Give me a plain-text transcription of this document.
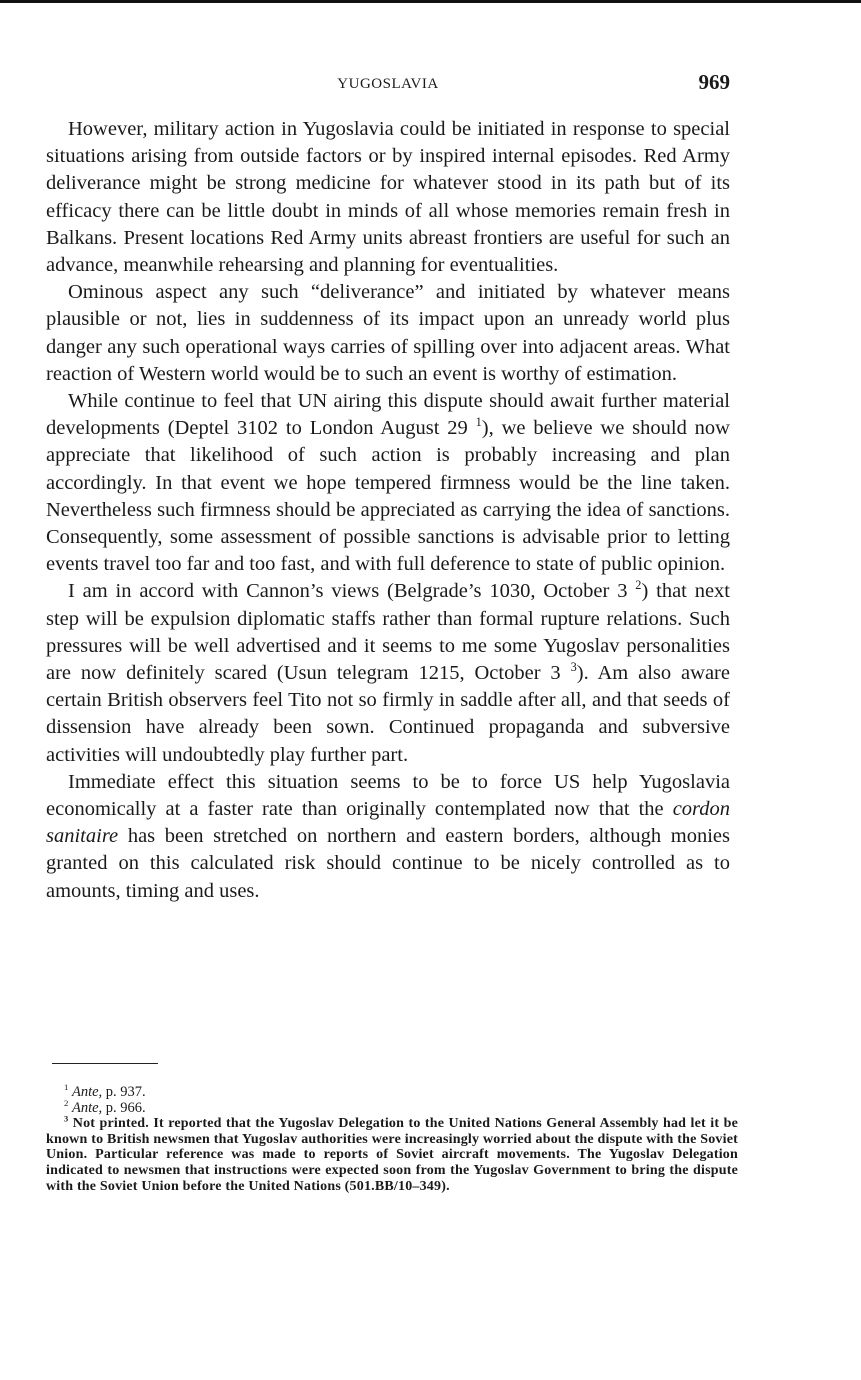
YUGOSLAVIA	969

However, military action in Yugoslavia could be initiated in response to special situations arising from outside factors or by inspired internal episodes. Red Army deliverance might be strong medicine for whatever stood in its path but of its efficacy there can be little doubt in minds of all whose memories remain fresh in Balkans. Present locations Red Army units abreast frontiers are useful for such an advance, meanwhile rehearsing and planning for eventualities.

Ominous aspect any such “deliverance” and initiated by whatever means plausible or not, lies in suddenness of its impact upon an unready world plus danger any such operational ways carries of spilling over into adjacent areas. What reaction of Western world would be to such an event is worthy of estimation.

While continue to feel that UN airing this dispute should await further material developments (Deptel 3102 to London August 29 $^1$), we believe we should now appreciate that likelihood of such action is probably increasing and plan accordingly. In that event we hope tempered firmness would be the line taken. Nevertheless such firmness should be appreciated as carrying the idea of sanctions. Consequently, some assessment of possible sanctions is advisable prior to letting events travel too far and too fast, and with full deference to state of public opinion.

I am in accord with Cannon’s views (Belgrade’s 1030, October 3 $^2$) that next step will be expulsion diplomatic staffs rather than formal rupture relations. Such pressures will be well advertised and it seems to me some Yugoslav personalities are now definitely scared (Usun telegram 1215, October 3 $^3$). Am also aware certain British observers feel Tito not so firmly in saddle after all, and that seeds of dissension have already been sown. Continued propaganda and subversive activities will undoubtedly play further part.

Immediate effect this situation seems to be to force US help Yugoslavia economically at a faster rate than originally contemplated now that the cordon sanitaire has been stretched on northern and eastern borders, although monies granted on this calculated risk should continue to be nicely controlled as to amounts, timing and uses.

$^1$ Ante, p. 937.

$^2$ Ante, p. 966.

$^3$ Not printed. It reported that the Yugoslav Delegation to the United Nations General Assembly had let it be known to British newsmen that Yugoslav authorities were increasingly worried about the dispute with the Soviet Union. Particular reference was made to reports of Soviet aircraft movements. The Yugoslav Delegation indicated to newsmen that instructions were expected soon from the Yugoslav Government to bring the dispute with the Soviet Union before the United Nations (501.BB/10–349).
